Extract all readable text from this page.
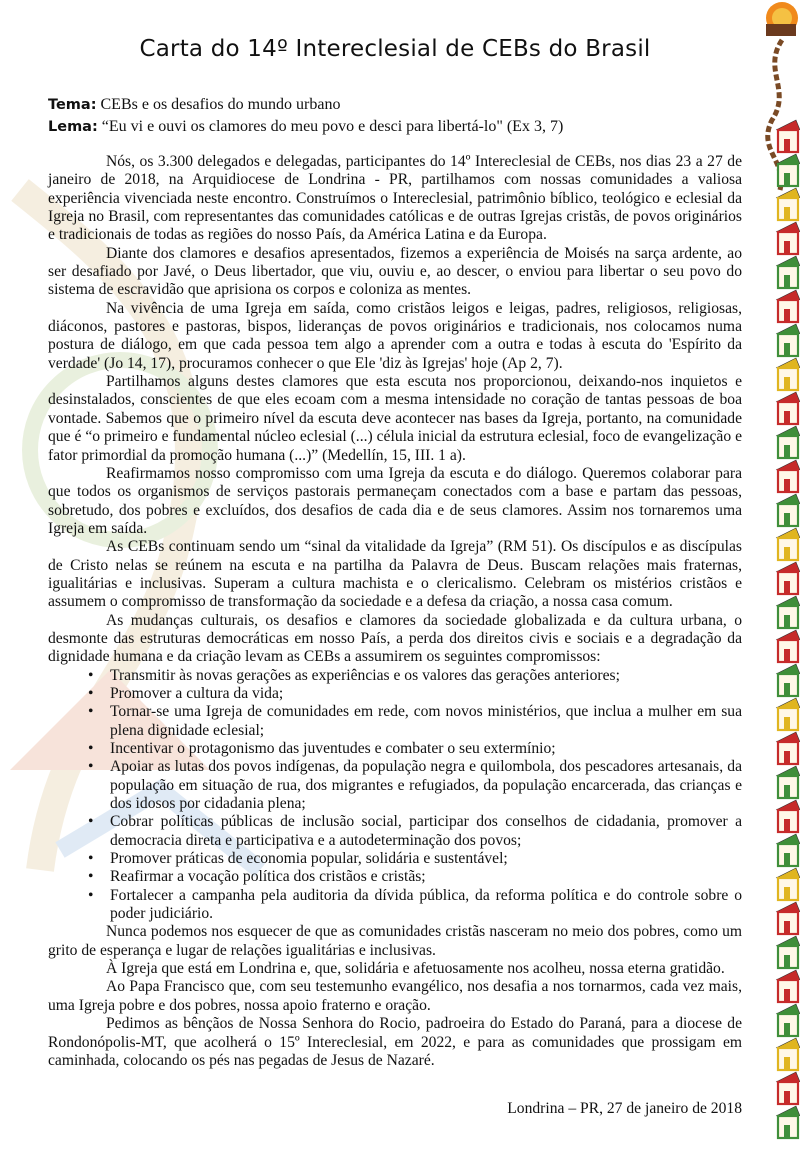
Carta do 14º Intereclesial de CEBs do Brasil
Tema: CEBs e os desafios do mundo urbano
Lema: “Eu vi e ouvi os clamores do meu povo e desci para libertá-lo" (Ex 3, 7)

Nós, os 3.300 delegados e delegadas, participantes do 14º Intereclesial de CEBs, nos dias 23 a 27 de janeiro de 2018, na Arquidiocese de Londrina - PR, partilhamos com nossas comunidades a valiosa experiência vivenciada neste encontro. Construímos o Intereclesial, patrimônio bíblico, teológico e eclesial da Igreja no Brasil, com representantes das comunidades católicas e de outras Igrejas cristãs, de povos originários e tradicionais de todas as regiões do nosso País, da América Latina e da Europa.

Diante dos clamores e desafios apresentados, fizemos a experiência de Moisés na sarça ardente, ao ser desafiado por Javé, o Deus libertador, que viu, ouviu e, ao descer, o enviou para libertar o seu povo do sistema de escravidão que aprisiona os corpos e coloniza as mentes.

Na vivência de uma Igreja em saída, como cristãos leigos e leigas, padres, religiosos, religiosas, diáconos, pastores e pastoras, bispos, lideranças de povos originários e tradicionais, nos colocamos numa postura de diálogo, em que cada pessoa tem algo a aprender com a outra e todas à escuta do 'Espírito da verdade' (Jo 14, 17), procuramos conhecer o que Ele 'diz às Igrejas' hoje (Ap 2, 7).

Partilhamos alguns destes clamores que esta escuta nos proporcionou, deixando-nos inquietos e desinstalados, conscientes de que eles ecoam com a mesma intensidade no coração de tantas pessoas de boa vontade. Sabemos que o primeiro nível da escuta deve acontecer nas bases da Igreja, portanto, na comunidade que é “o primeiro e fundamental núcleo eclesial (...) célula inicial da estrutura eclesial, foco de evangelização e fator primordial da promoção humana (...)” (Medellín, 15, III. 1 a).

Reafirmamos nosso compromisso com uma Igreja da escuta e do diálogo. Queremos colaborar para que todos os organismos de serviços pastorais permaneçam conectados com a base e partam das pessoas, sobretudo, dos pobres e excluídos, dos desafios de cada dia e de seus clamores. Assim nos tornaremos uma Igreja em saída.

As CEBs continuam sendo um “sinal da vitalidade da Igreja” (RM 51). Os discípulos e as discípulas de Cristo nelas se reúnem na escuta e na partilha da Palavra de Deus. Buscam relações mais fraternas, igualitárias e inclusivas. Superam a cultura machista e o clericalismo. Celebram os mistérios cristãos e assumem o compromisso de transformação da sociedade e a defesa da criação, a nossa casa comum.

As mudanças culturais, os desafios e clamores da sociedade globalizada e da cultura urbana, o desmonte das estruturas democráticas em nosso País, a perda dos direitos civis e sociais e a degradação da dignidade humana e da criação levam as CEBs a assumirem os seguintes compromissos:

• Transmitir às novas gerações as experiências e os valores das gerações anteriores;
• Promover a cultura da vida;
• Tornar-se uma Igreja de comunidades em rede, com novos ministérios, que inclua a mulher em sua plena dignidade eclesial;
• Incentivar o protagonismo das juventudes e combater o seu extermínio;
• Apoiar as lutas dos povos indígenas, da população negra e quilombola, dos pescadores artesanais, da população em situação de rua, dos migrantes e refugiados, da população encarcerada, das crianças e dos idosos por cidadania plena;
• Cobrar políticas públicas de inclusão social, participar dos conselhos de cidadania, promover a democracia direta e participativa e a autodeterminação dos povos;
• Promover práticas de economia popular, solidária e sustentável;
• Reafirmar a vocação política dos cristãos e cristãs;
• Fortalecer a campanha pela auditoria da dívida pública, da reforma política e do controle sobre o poder judiciário.

Nunca podemos nos esquecer de que as comunidades cristãs nasceram no meio dos pobres, como um grito de esperança e lugar de relações igualitárias e inclusivas.

À Igreja que está em Londrina e, que, solidária e afetuosamente nos acolheu, nossa eterna gratidão.

Ao Papa Francisco que, com seu testemunho evangélico, nos desafia a nos tornarmos, cada vez mais, uma Igreja pobre e dos pobres, nossa apoio fraterno e oração.

Pedimos as bênçãos de Nossa Senhora do Rocio, padroeira do Estado do Paraná, para a diocese de Rondonópolis-MT, que acolherá o 15º Intereclesial, em 2022, e para as comunidades que prossigam em caminhada, colocando os pés nas pegadas de Jesus de Nazaré.

Londrina – PR, 27 de janeiro de 2018
